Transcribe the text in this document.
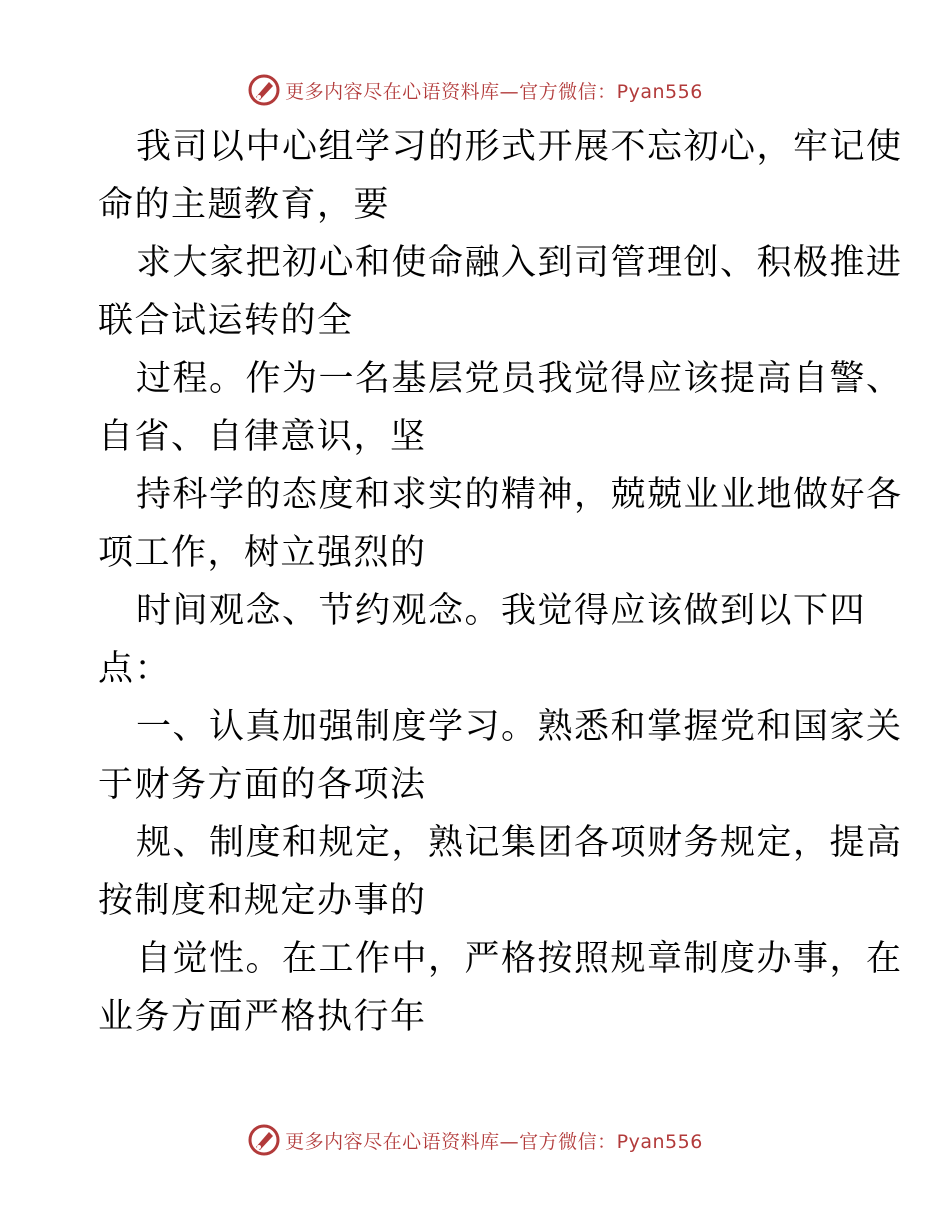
更多内容尽在心语资料库—官方微信：Pyan556
我司以中心组学习的形式开展不忘初心，牢记使
命的主题教育，要
求大家把初心和使命融入到司管理创、积极推进
联合试运转的全
过程。作为一名基层党员我觉得应该提高自警、
自省、自律意识，坚
持科学的态度和求实的精神，兢兢业业地做好各
项工作，树立强烈的
时间观念、节约观念。我觉得应该做到以下四
点：
一、认真加强制度学习。熟悉和掌握党和国家关
于财务方面的各项法
规、制度和规定，熟记集团各项财务规定，提高
按制度和规定办事的
自觉性。在工作中，严格按照规章制度办事，在
业务方面严格执行年
更多内容尽在心语资料库—官方微信：Pyan556
